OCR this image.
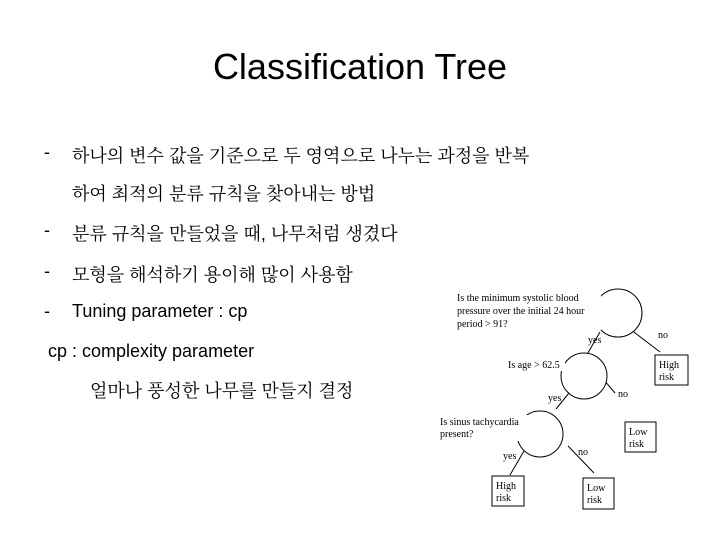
Classification Tree
- 하나의 변수 값을 기준으로 두 영역으로 나누는 과정을 반복
하여 최적의 분류 규칙을 찾아내는 방법
- 분류 규칙을 만들었을 때, 나무처럼 생겼다
- 모형을 해석하기 용이해 많이 사용함
- Tuning parameter : cp
cp : complexity parameter
얼마나 풍성한 나무를 만들지 결정
Is the minimum systolic blood pressure over the initial 24 hour period > 91?
Is age > 62.5
Is sinus tachycardia present?
yes	no
yes	no
yes	no
High risk
Low risk
High risk
Low risk
